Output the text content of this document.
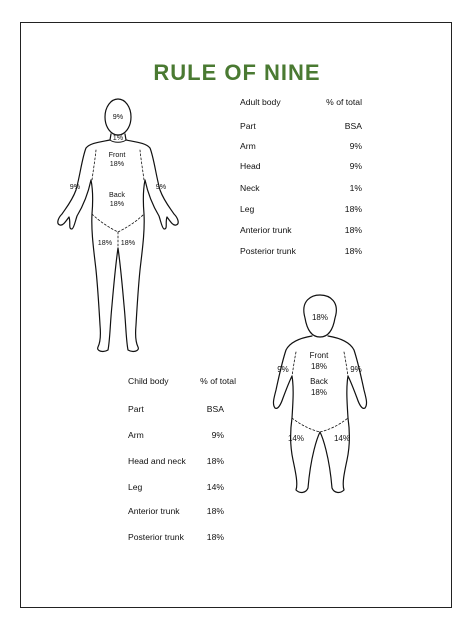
RULE OF NINE
Adult body	% of total
Part	BSA
Arm	9%
Head	9%
Neck	1%
Leg	18%
Anterior trunk	18%
Posterior trunk	18%
Child body	% of total
Part	BSA
Arm	9%
Head and neck 18%
Leg	14%
Anterior trunk	18%
Posterior trunk	18%
9%
1%
Front
18%
Back
18%
9%	9%
18% 18%
18%
Front
18%
Back
18%
9%	9%
14%	14%
